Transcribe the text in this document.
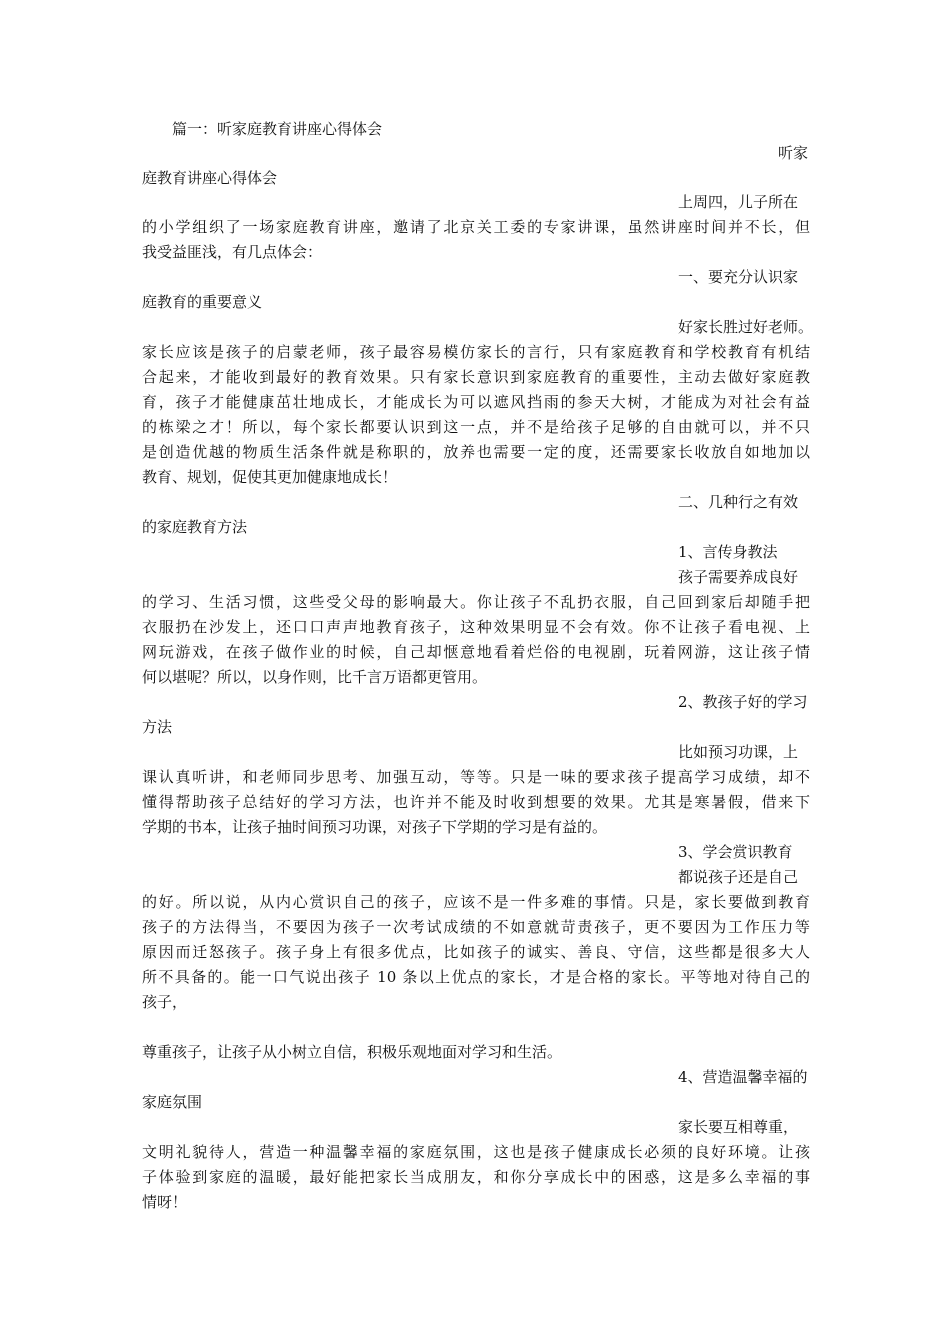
篇一：听家庭教育讲座心得体会
听家
庭教育讲座心得体会
上周四，儿子所在
的小学组织了一场家庭教育讲座，邀请了北京关工委的专家讲课，虽然讲座时间并不长，但
我受益匪浅，有几点体会：
一、要充分认识家
庭教育的重要意义
好家长胜过好老师。
家长应该是孩子的启蒙老师，孩子最容易模仿家长的言行，只有家庭教育和学校教育有机结
合起来，才能收到最好的教育效果。只有家长意识到家庭教育的重要性，主动去做好家庭教
育，孩子才能健康茁壮地成长，才能成长为可以遮风挡雨的参天大树，才能成为对社会有益
的栋梁之才！所以，每个家长都要认识到这一点，并不是给孩子足够的自由就可以，并不只
是创造优越的物质生活条件就是称职的，放养也需要一定的度，还需要家长收放自如地加以
教育、规划，促使其更加健康地成长！
二、几种行之有效
的家庭教育方法
1、言传身教法
孩子需要养成良好
的学习、生活习惯，这些受父母的影响最大。你让孩子不乱扔衣服，自己回到家后却随手把
衣服扔在沙发上，还口口声声地教育孩子，这种效果明显不会有效。你不让孩子看电视、上
网玩游戏，在孩子做作业的时候，自己却惬意地看着烂俗的电视剧，玩着网游，这让孩子情
何以堪呢？所以，以身作则，比千言万语都更管用。
2、教孩子好的学习
方法
比如预习功课，上
课认真听讲，和老师同步思考、加强互动，等等。只是一味的要求孩子提高学习成绩，却不
懂得帮助孩子总结好的学习方法，也许并不能及时收到想要的效果。尤其是寒暑假，借来下
学期的书本，让孩子抽时间预习功课，对孩子下学期的学习是有益的。
3、学会赏识教育
都说孩子还是自己
的好。所以说，从内心赏识自己的孩子，应该不是一件多难的事情。只是，家长要做到教育
孩子的方法得当，不要因为孩子一次考试成绩的不如意就苛责孩子，更不要因为工作压力等
原因而迁怒孩子。孩子身上有很多优点，比如孩子的诚实、善良、守信，这些都是很多大人
所不具备的。能一口气说出孩子 10 条以上优点的家长，才是合格的家长。平等地对待自己的
孩子，
尊重孩子，让孩子从小树立自信，积极乐观地面对学习和生活。
4、营造温馨幸福的
家庭氛围
家长要互相尊重，
文明礼貌待人，营造一种温馨幸福的家庭氛围，这也是孩子健康成长必须的良好环境。让孩
子体验到家庭的温暖，最好能把家长当成朋友，和你分享成长中的困惑，这是多么幸福的事
情呀！
